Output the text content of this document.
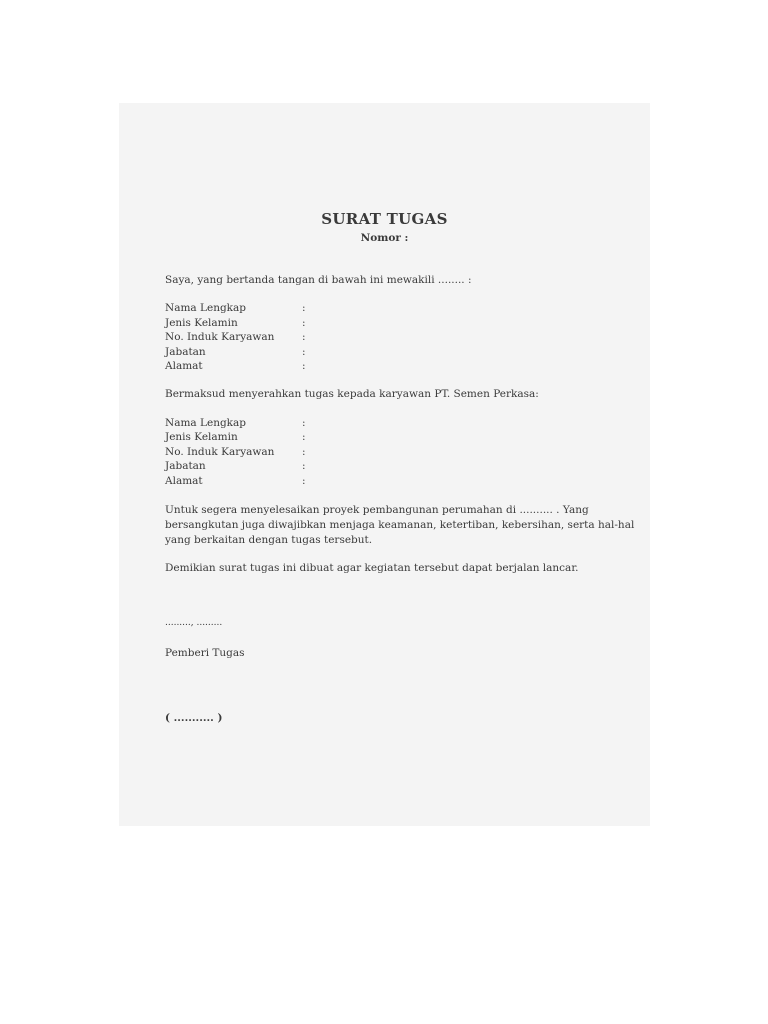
SURAT TUGAS
Nomor :
Saya, yang bertanda tangan di bawah ini mewakili ........ :
Nama Lengkap	:
Jenis Kelamin	:
No. Induk Karyawan	:
Jabatan	:
Alamat	:
Bermaksud menyerahkan tugas kepada karyawan PT. Semen Perkasa:
Nama Lengkap	:
Jenis Kelamin	:
No. Induk Karyawan	:
Jabatan	:
Alamat	:
Untuk segera menyelesaikan proyek pembangunan perumahan di .......... . Yang
bersangkutan juga diwajibkan menjaga keamanan, ketertiban, kebersihan, serta hal-hal
yang berkaitan dengan tugas tersebut.
Demikian surat tugas ini dibuat agar kegiatan tersebut dapat berjalan lancar.
........., .........
Pemberi Tugas
( ........... )
